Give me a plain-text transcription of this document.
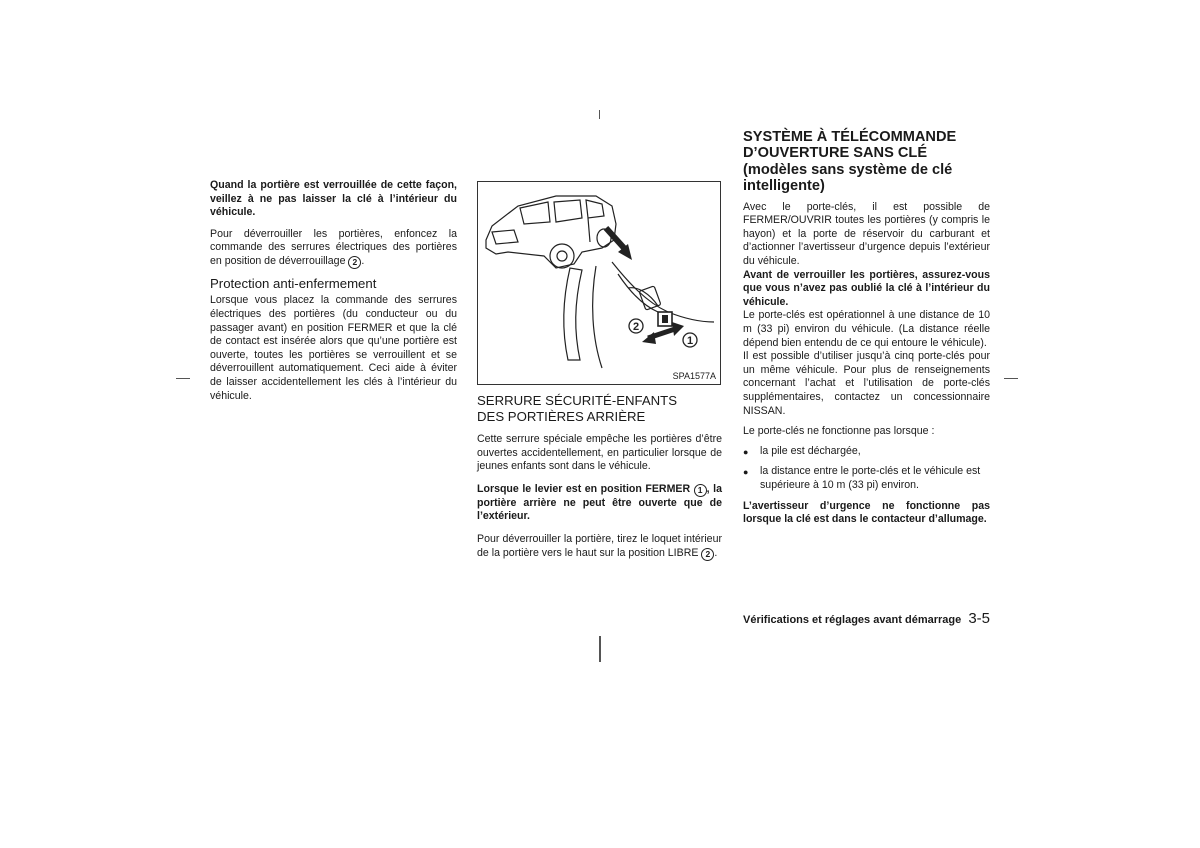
Quand la portière est verrouillée de cette façon, veillez à ne pas laisser la clé à l’intérieur du véhicule.

Pour déverrouiller les portières, enfoncez la commande des serrures électriques des portières en position de déverrouillage 2 .

Protection anti-enfermement

Lorsque vous placez la commande des serrures électriques des portières (du conducteur ou du passager avant) en position FERMER et que la clé de contact est insérée alors que qu’une portière est ouverte, toutes les portières se verrouillent et se déverrouillent automatiquement. Ceci aide à éviter de laisser accidentellement les clés à l’intérieur du véhicule.

2
1
SPA1577A

SERRURE SÉCURITÉ-ENFANTS
DES PORTIÈRES ARRIÈRE

Cette serrure spéciale empêche les portières d’être ouvertes accidentellement, en particulier lorsque de jeunes enfants sont dans le véhicule.

Lorsque le levier est en position FERMER 1 , la portière arrière ne peut être ouverte que de l’extérieur.

Pour déverrouiller la portière, tirez le loquet intérieur de la portière vers le haut sur la position LIBRE 2 .

SYSTÈME À TÉLÉCOMMANDE
D’OUVERTURE SANS CLÉ
(modèles sans système de clé
intelligente)

Avec le porte-clés, il est possible de FERMER/OUVRIR toutes les portières (y compris le hayon) et la porte de réservoir du carburant et d’actionner l’avertisseur d’urgence depuis l’extérieur du véhicule.

Avant de verrouiller les portières, assurez-vous que vous n’avez pas oublié la clé à l’intérieur du véhicule.

Le porte-clés est opérationnel à une distance de 10 m (33 pi) environ du véhicule. (La distance réelle dépend bien entendu de ce qui entoure le véhicule).

Il est possible d’utiliser jusqu’à cinq porte-clés pour un même véhicule. Pour plus de renseignements concernant l’achat et l’utilisation de porte-clés supplémentaires, contactez un concessionnaire NISSAN.

Le porte-clés ne fonctionne pas lorsque :

●	la pile est déchargée,
●	la distance entre le porte-clés et le véhicule est supérieure à 10 m (33 pi) environ.

L’avertisseur d’urgence ne fonctionne pas lorsque la clé est dans le contacteur d’allumage.

Vérifications et réglages avant démarrage 3-5
